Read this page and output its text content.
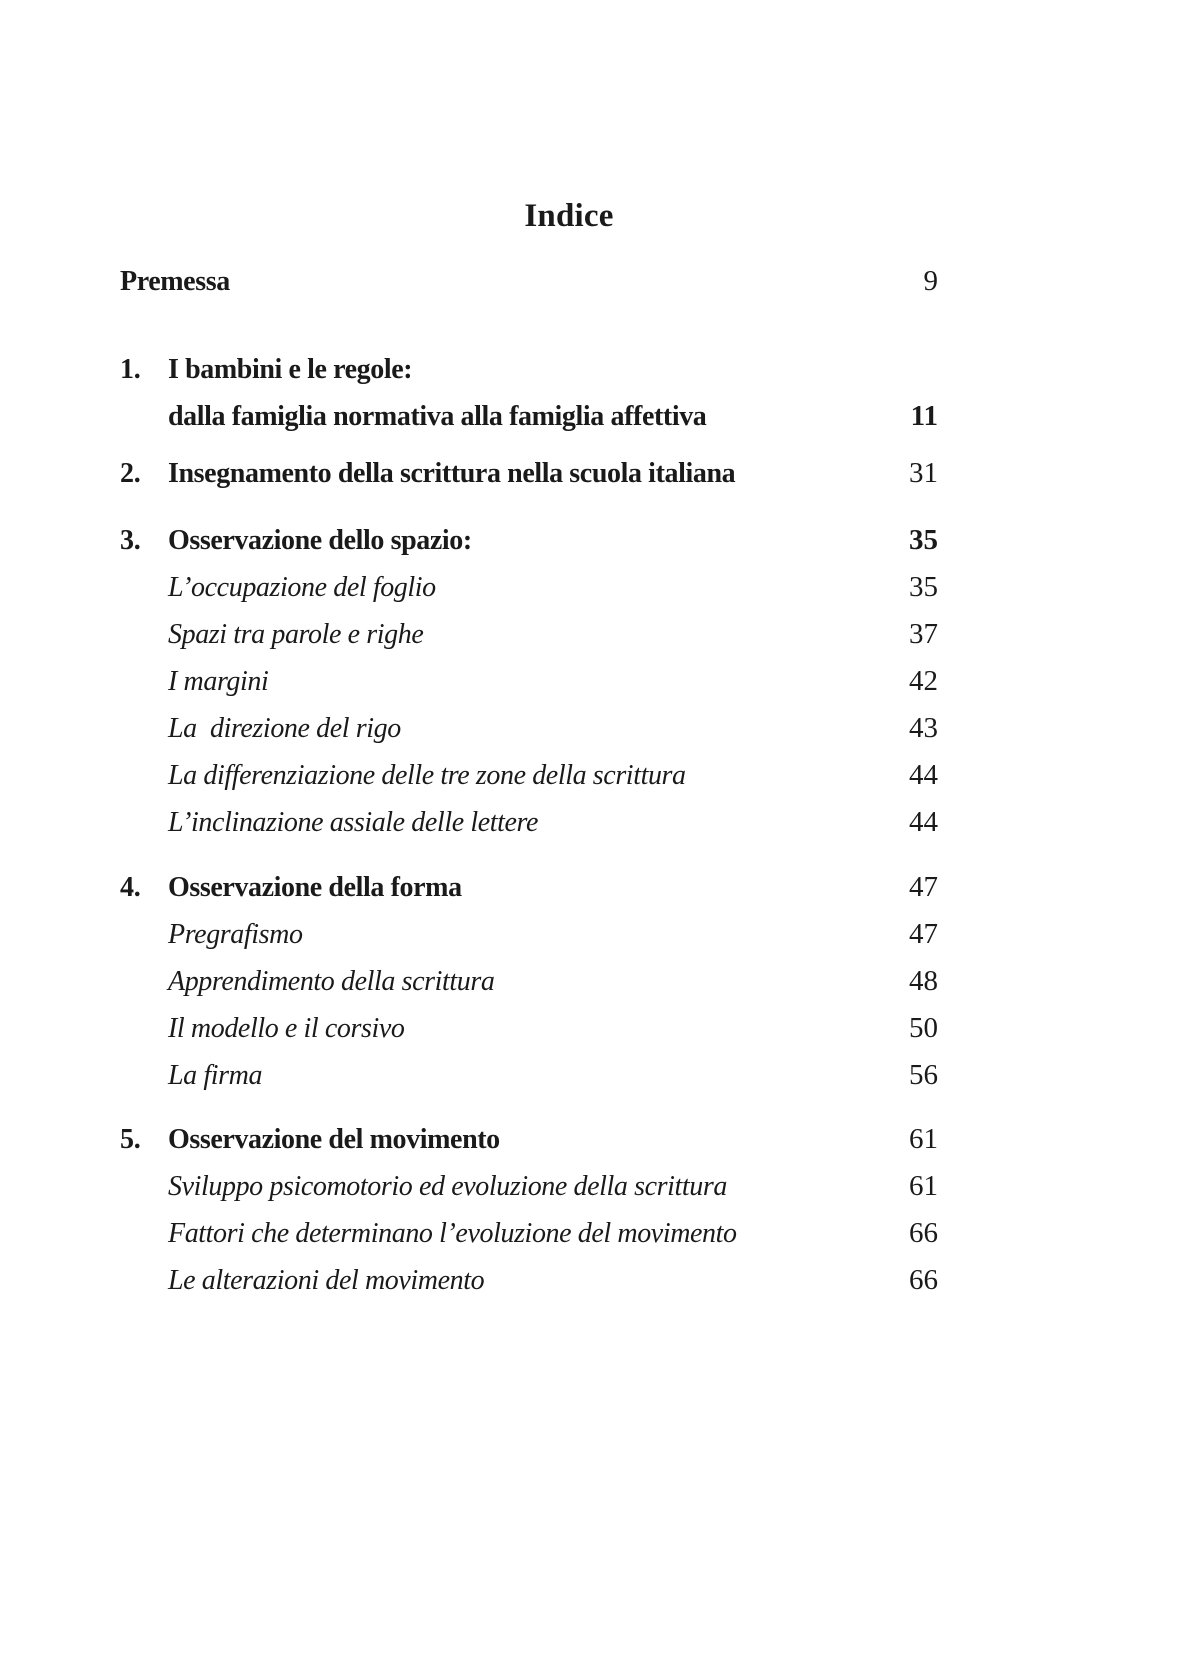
Indice
Premessa	9
1. I bambini e le regole:
dalla famiglia normativa alla famiglia affettiva	11
2. Insegnamento della scrittura nella scuola italiana	31
3. Osservazione dello spazio:	35
L’occupazione del foglio	35
Spazi tra parole e righe	37
I margini	42
La  direzione del rigo	43
La differenziazione delle tre zone della scrittura	44
L’inclinazione assiale delle lettere	44
4. Osservazione della forma	47
Pregrafismo	47
Apprendimento della scrittura	48
Il modello e il corsivo	50
La firma	56
5. Osservazione del movimento	61
Sviluppo psicomotorio ed evoluzione della scrittura	61
Fattori che determinano l’evoluzione del movimento	66
Le alterazioni del movimento	66
